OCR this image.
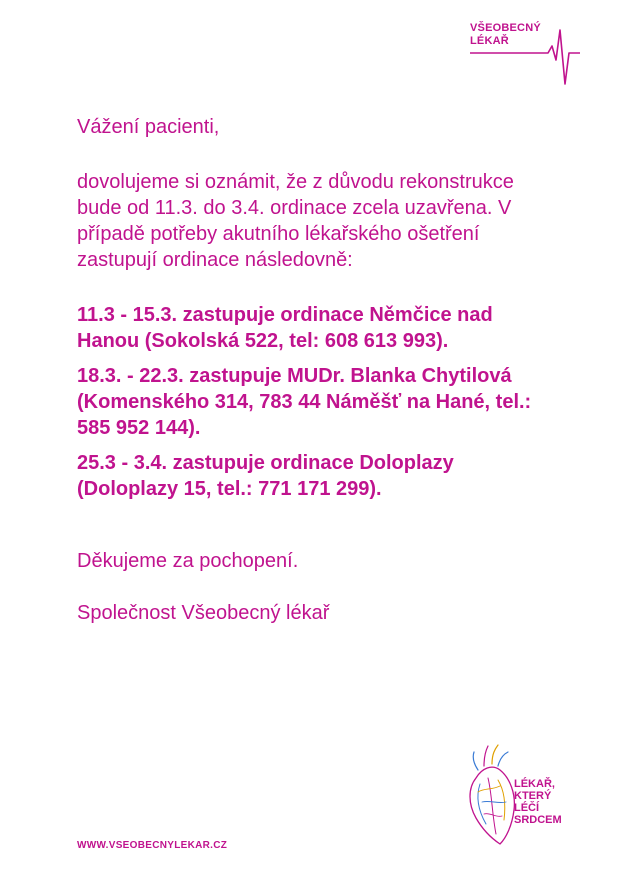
VŠEOBECNÝ
LÉKAŘ

Vážení pacienti,

dovolujeme si oznámit, že z důvodu rekonstrukce bude od 11.3. do 3.4. ordinace zcela uzavřena. V případě potřeby akutního lékařského ošetření zastupují ordinace následovně:

11.3 - 15.3. zastupuje ordinace Němčice nad Hanou (Sokolská 522, tel: 608 613 993).

18.3. - 22.3. zastupuje MUDr. Blanka Chytilová (Komenského 314, 783 44 Náměšť na Hané, tel.: 585 952 144).

25.3 - 3.4. zastupuje ordinace Doloplazy (Doloplazy 15, tel.: 771 171 299).

Děkujeme za pochopení.

Společnost Všeobecný lékař

LÉKAŘ,
KTERÝ
LÉČÍ
SRDCEM
WWW.VSEOBECNYLEKAR.CZ
